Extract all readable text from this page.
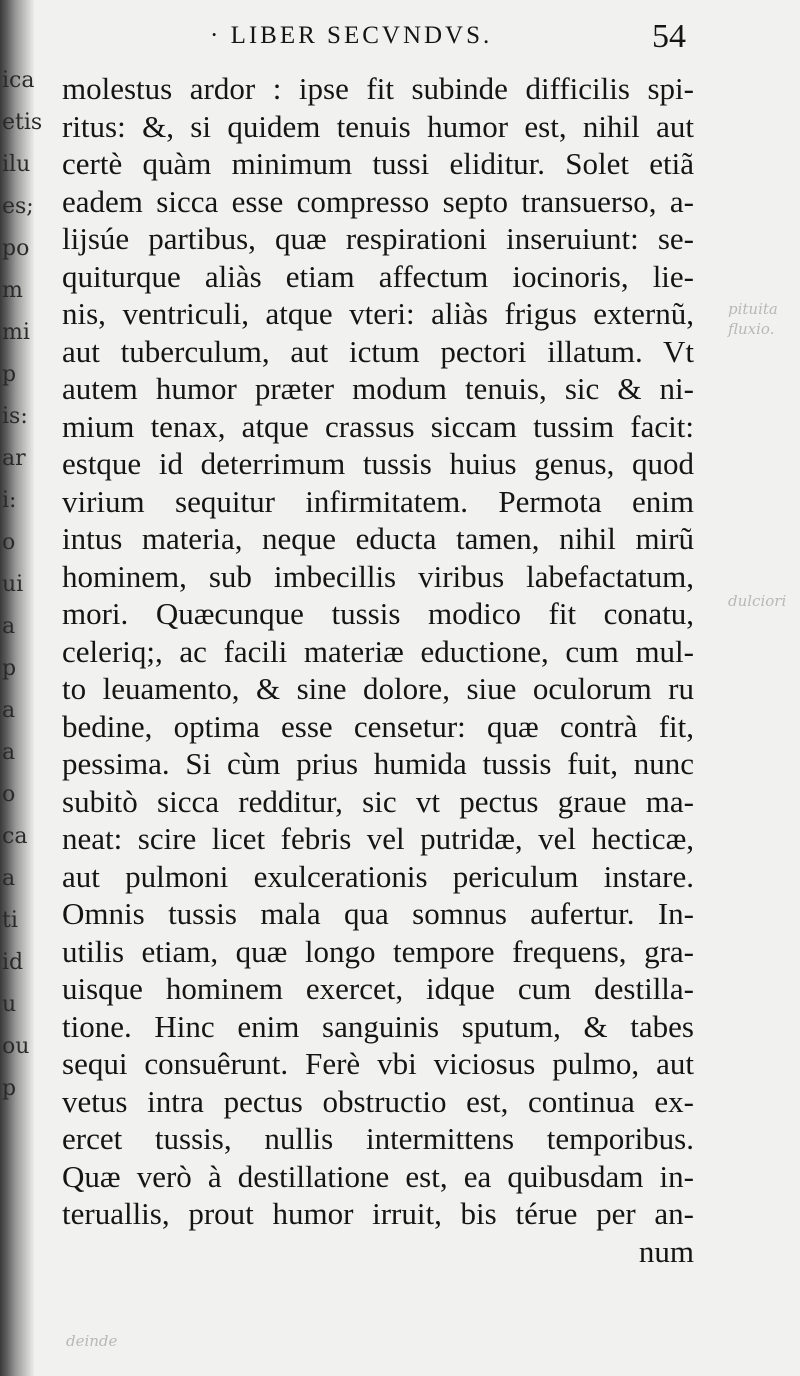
ica
etis
ilu
es;
po
m
mi
p
is:
ar
i:
o
ui
a
p
a
a
o
ca
a
ti
id
u
ou
p
pituita
fluxio.
dulciori
deinde
· LIBER SECVNDVS.	54
molestus ardor : ipse fit subinde difficilis spi-
ritus: &, si quidem tenuis humor est, nihil aut
certè quàm minimum tussi eliditur. Solet etiã
eadem sicca esse compresso septo transuerso, a-
lijsúe partibus, quæ respirationi inseruiunt: se-
quiturque aliàs etiam affectum iocinoris, lie-
nis, ventriculi, atque vteri: aliàs frigus externũ,
aut tuberculum, aut ictum pectori illatum. Vt
autem humor præter modum tenuis, sic & ni-
mium tenax, atque crassus siccam tussim facit:
estque id deterrimum tussis huius genus, quod
virium sequitur infirmitatem. Permota enim
intus materia, neque educta tamen, nihil mirũ
hominem, sub imbecillis viribus labefactatum,
mori. Quæcunque tussis modico fit conatu,
celeriq;, ac facili materiæ eductione, cum mul-
to leuamento, & sine dolore, siue oculorum ru
bedine, optima esse censetur: quæ contrà fit,
pessima. Si cùm prius humida tussis fuit, nunc
subitò sicca redditur, sic vt pectus graue ma-
neat: scire licet febris vel putridæ, vel hecticæ,
aut pulmoni exulcerationis periculum instare.
Omnis tussis mala qua somnus aufertur. In-
utilis etiam, quæ longo tempore frequens, gra-
uisque hominem exercet, idque cum destilla-
tione. Hinc enim sanguinis sputum, & tabes
sequi consuêrunt. Ferè vbi viciosus pulmo, aut
vetus intra pectus obstructio est, continua ex-
ercet tussis, nullis intermittens temporibus.
Quæ verò à destillatione est, ea quibusdam in-
teruallis, prout humor irruit, bis térue per an-
num
